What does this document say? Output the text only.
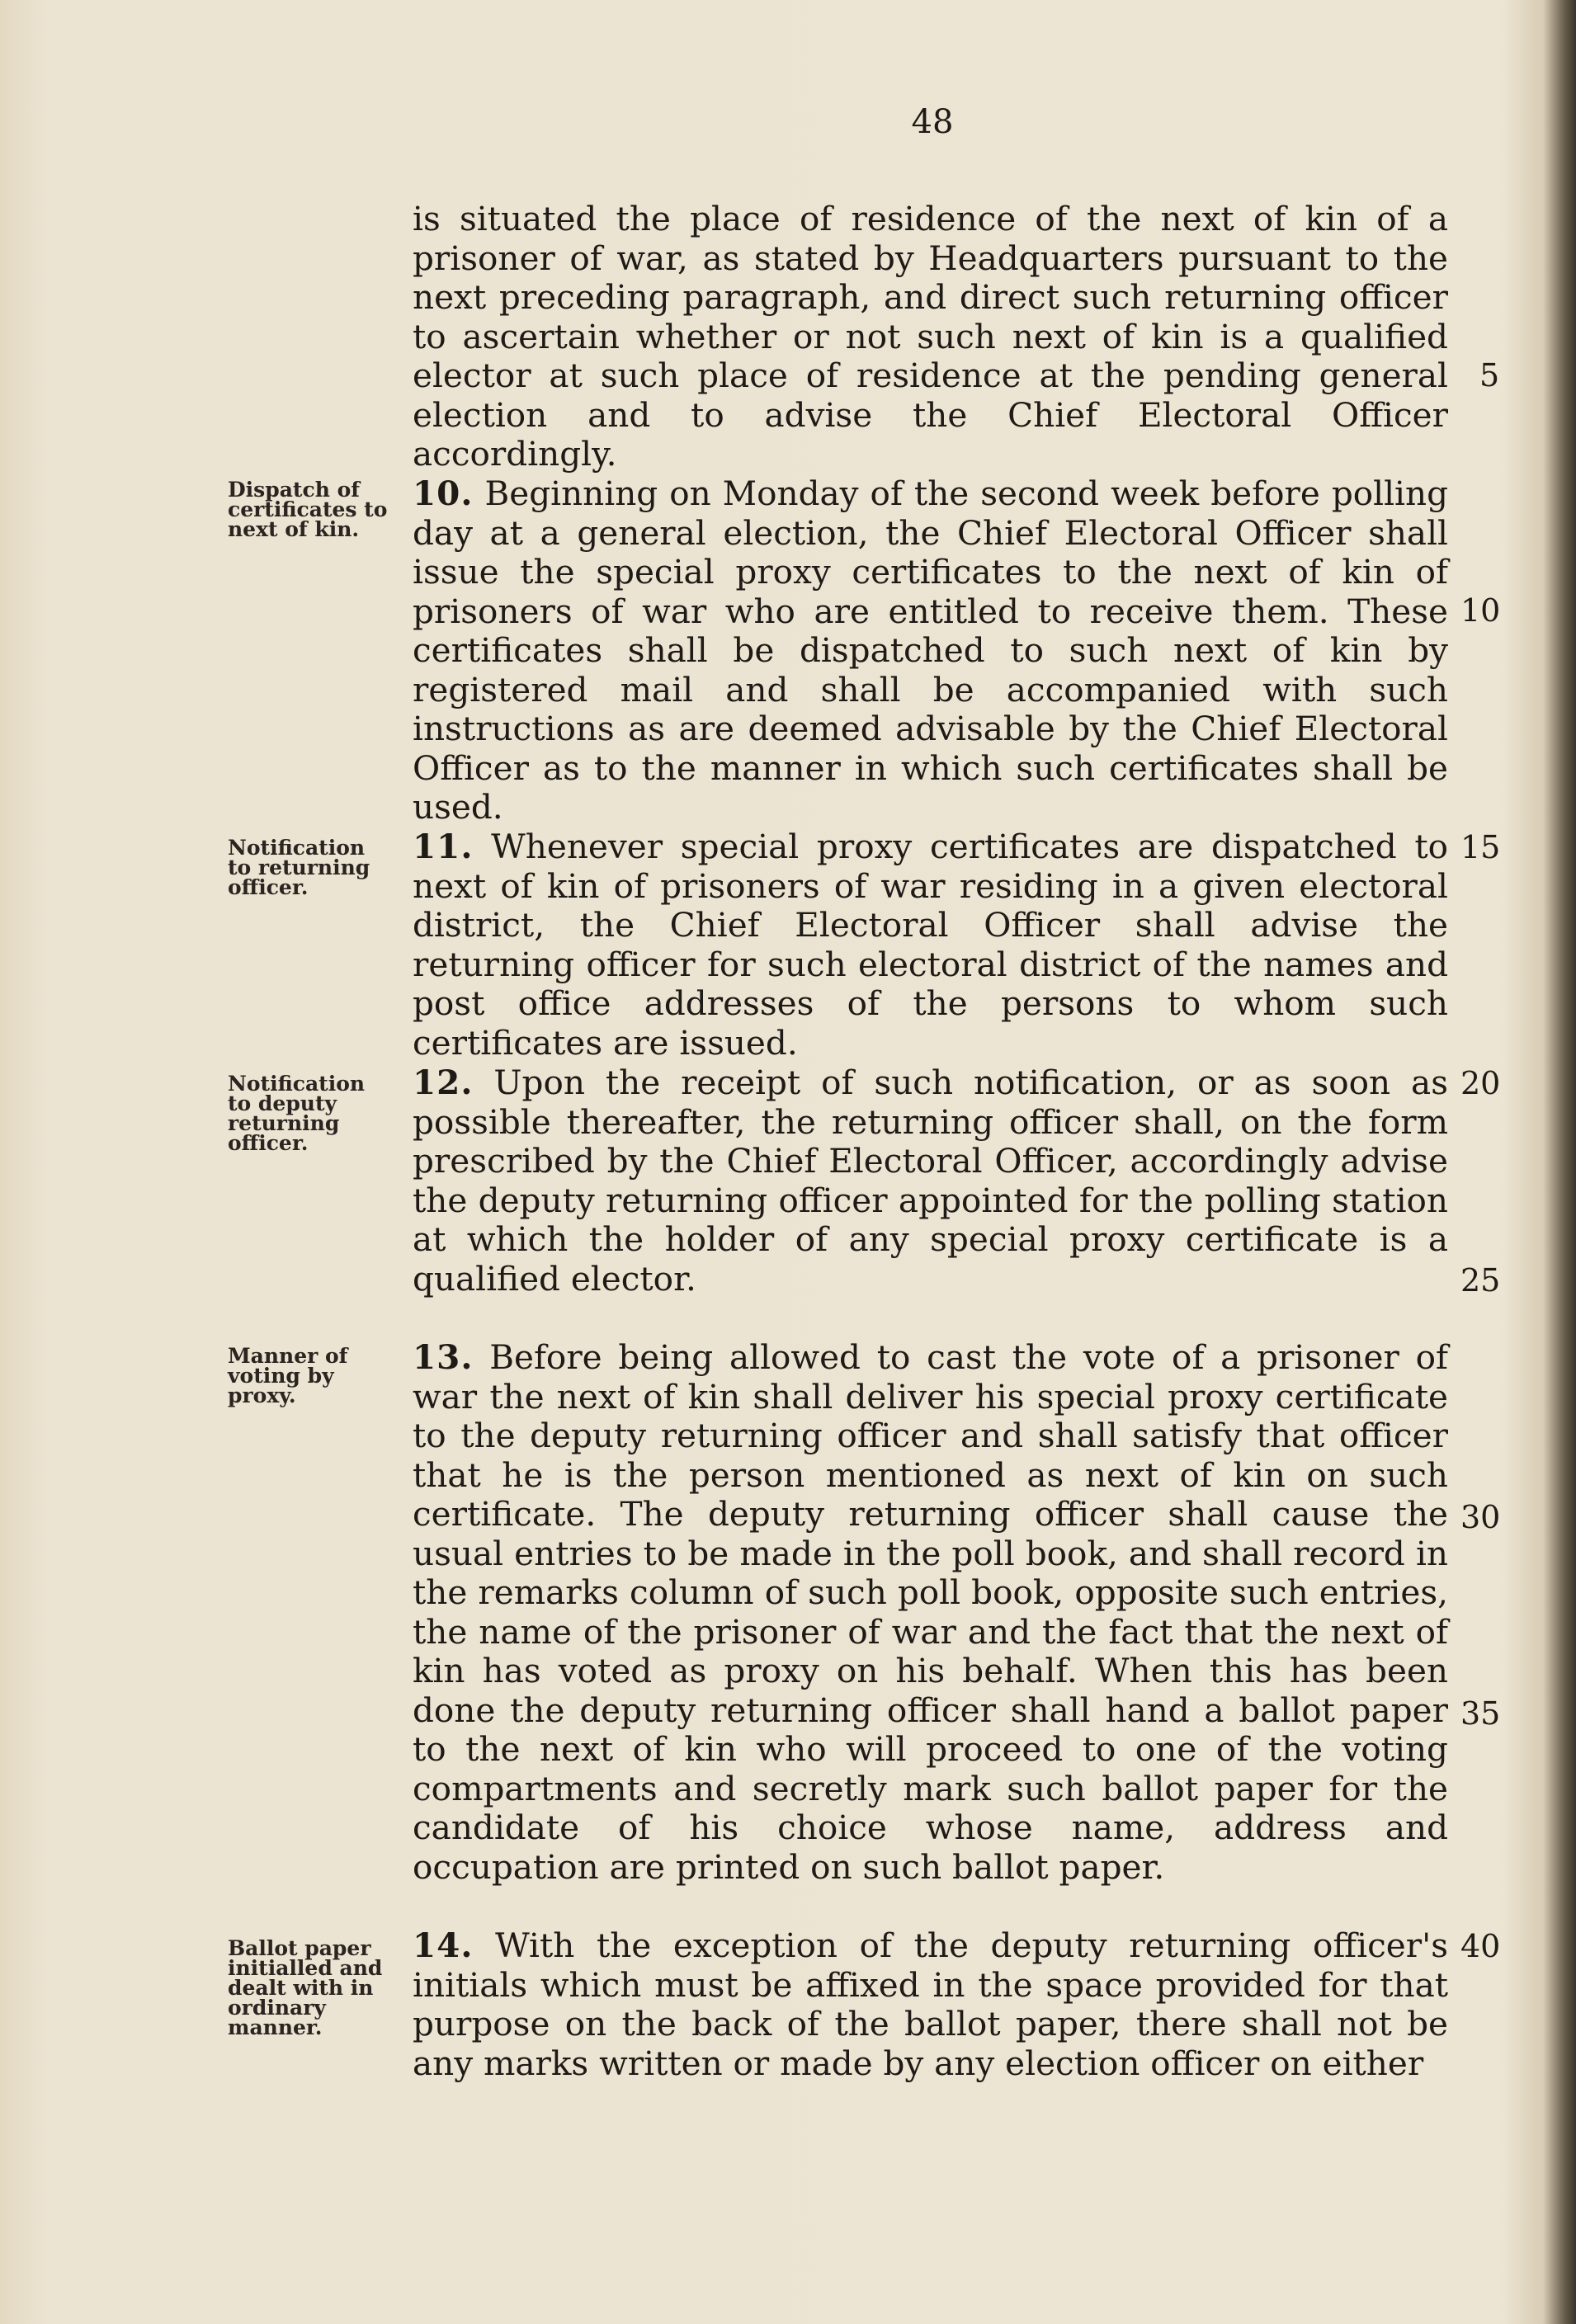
48
is situated the place of residence of the next of kin of a prisoner of war, as stated by Headquarters pursuant to the next preceding paragraph, and direct such returning officer to ascertain whether or not such next of kin is a qualified elector at such place of residence at the pending general election and to advise the Chief Electoral Officer accordingly.
10. Beginning on Monday of the second week before polling day at a general election, the Chief Electoral Officer shall issue the special proxy certificates to the next of kin of prisoners of war who are entitled to receive them. These certificates shall be dispatched to such next of kin by registered mail and shall be accompanied with such instructions as are deemed advisable by the Chief Electoral Officer as to the manner in which such certificates shall be used.
11. Whenever special proxy certificates are dispatched to next of kin of prisoners of war residing in a given electoral district, the Chief Electoral Officer shall advise the returning officer for such electoral district of the names and post office addresses of the persons to whom such certificates are issued.
12. Upon the receipt of such notification, or as soon as possible thereafter, the returning officer shall, on the form prescribed by the Chief Electoral Officer, accordingly advise the deputy returning officer appointed for the polling station at which the holder of any special proxy certificate is a qualified elector.
13. Before being allowed to cast the vote of a prisoner of war the next of kin shall deliver his special proxy certificate to the deputy returning officer and shall satisfy that officer that he is the person mentioned as next of kin on such certificate. The deputy returning officer shall cause the usual entries to be made in the poll book, and shall record in the remarks column of such poll book, opposite such entries, the name of the prisoner of war and the fact that the next of kin has voted as proxy on his behalf. When this has been done the deputy returning officer shall hand a ballot paper to the next of kin who will proceed to one of the voting compartments and secretly mark such ballot paper for the candidate of his choice whose name, address and occupation are printed on such ballot paper.
14. With the exception of the deputy returning officer's initials which must be affixed in the space provided for that purpose on the back of the ballot paper, there shall not be any marks written or made by any election officer on either
Dispatch of certificates to next of kin.
Notification to returning officer.
Notification to deputy returning officer.
Manner of voting by proxy.
Ballot paper initialled and dealt with in ordinary manner.
5
10
15
20
25
30
35
40
